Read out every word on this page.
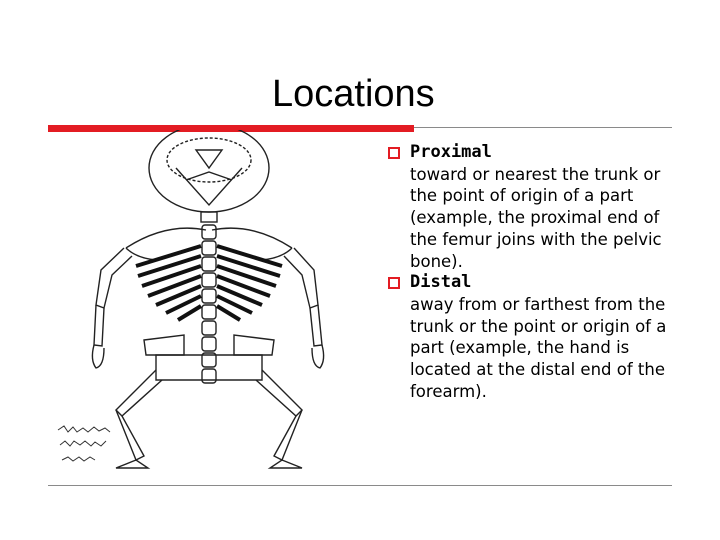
Locations
Proximal
toward or nearest the trunk or the point of origin of a part (example, the proximal end of the femur joins with the pelvic bone).
Distal
away from or farthest from the trunk or the point or origin of a part (example, the hand is located at the distal end of the forearm).
